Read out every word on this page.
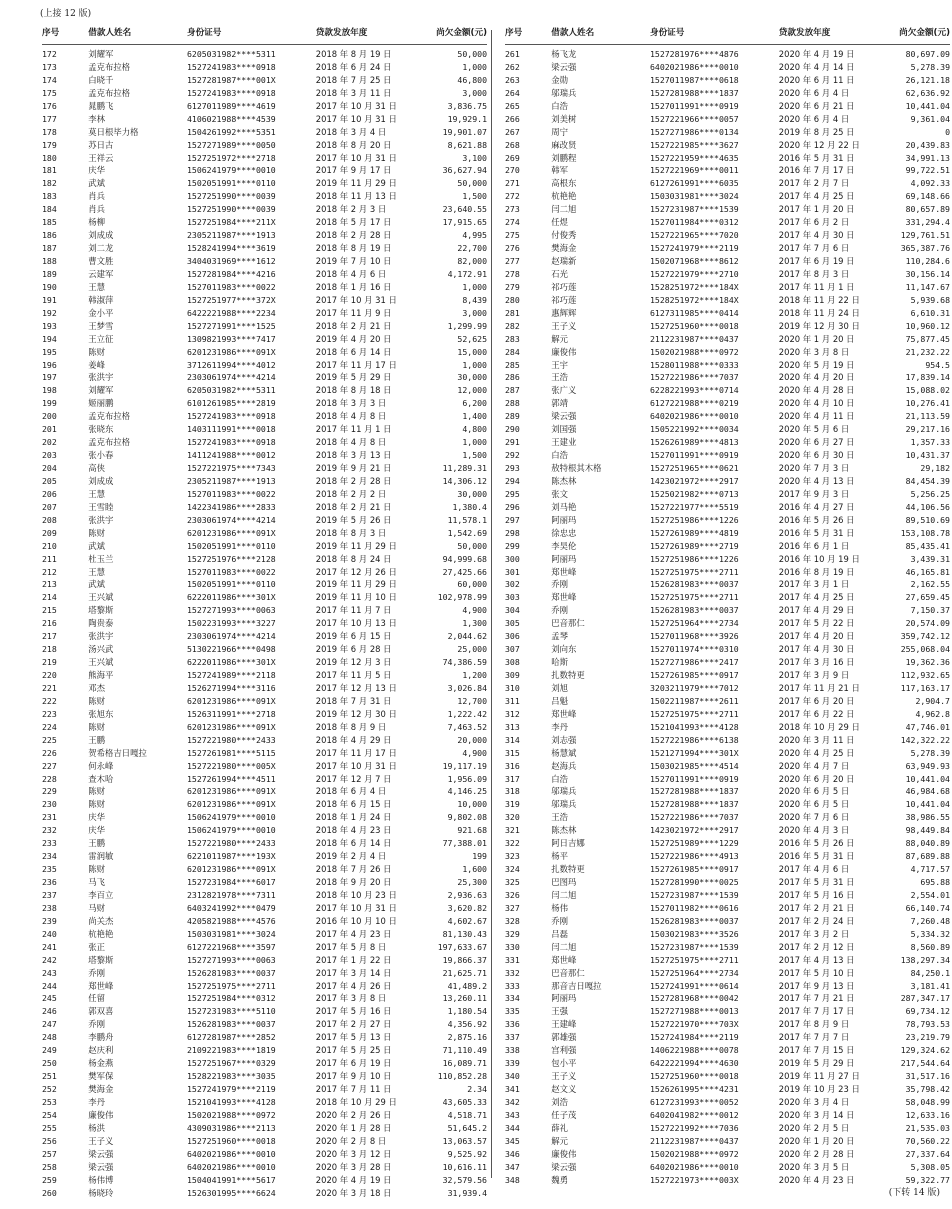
(上接 12 版)
序号	借款人姓名	身份证号	贷款发放年度	尚欠金额(元)
172	刘耀军	6205031982****5311	2018 年 8 月 19 日	50,000
173	孟克布拉格	1527241983****0918	2018 年 6 月 24 日	1,000
174	白晓千	1527281987****001X	2018 年 7 月 25 日	46,800
175	孟克布拉格	1527241983****0918	2018 年 3 月 11 日	3,000
176	晁鹏飞	6127011989****4619	2017 年 10 月 31 日	3,836.75
177	李林	4106021988****4539	2017 年 10 月 31 日	19,929.1
178	莫日根毕力格	1504261992****5351	2018 年 3 月 4 日	19,901.07
179	苏日古	1527271989****0050	2018 年 8 月 20 日	8,621.88
180	王祥云	1527251972****2718	2017 年 10 月 31 日	3,100
181	庆华	1506241979****0010	2017 年 9 月 17 日	36,627.94
182	武斌	1502051991****0110	2019 年 11 月 29 日	50,000
183	肖兵	1527251990****0039	2018 年 11 月 13 日	1,500
184	肖兵	1527251990****0039	2018 年 2 月 3 日	23,640.55
185	杨柳	1527251984****211X	2018 年 5 月 17 日	17,915.65
186	刘成成	2305211987****1913	2018 年 2 月 28 日	4,995
187	刘二龙	1528241994****3619	2018 年 8 月 19 日	22,700
188	曹文胜	3404031969****1612	2019 年 7 月 10 日	82,000
189	云建军	1527281984****4216	2018 年 4 月 6 日	4,172.91
190	王慧	1527011983****0022	2018 年 1 月 16 日	1,000
191	韩淑萍	1527251977****372X	2017 年 10 月 31 日	8,439
192	金小平	6422221988****2234	2017 年 11 月 9 日	3,000
193	王梦雪	1527271991****1525	2018 年 2 月 21 日	1,299.99
194	王立征	1309821993****7417	2019 年 4 月 20 日	52,625
195	陈财	6201231986****091X	2018 年 6 月 14 日	15,000
196	姜峰	3712611994****4012	2017 年 11 月 17 日	1,000
197	张洪宇	2303061974****4214	2019 年 5 月 29 日	30,000
198	刘耀军	6205031982****5311	2018 年 8 月 18 日	12,000
199	姬丽鹏	6101261985****2819	2018 年 3 月 3 日	6,200
200	孟克布拉格	1527241983****0918	2018 年 4 月 8 日	1,400
201	张晓东	1403111991****0018	2017 年 11 月 1 日	4,800
202	孟克布拉格	1527241983****0918	2018 年 4 月 8 日	1,000
203	张小春	1411241988****0012	2018 年 3 月 13 日	1,500
204	高侠	1527221975****7343	2019 年 9 月 21 日	11,289.31
205	刘成成	2305211987****1913	2018 年 2 月 28 日	14,306.12
206	王慧	1527011983****0022	2018 年 2 月 2 日	30,000
207	王雪睦	1422341986****2833	2018 年 2 月 21 日	1,380.4
208	张洪宇	2303061974****4214	2019 年 5 月 26 日	11,578.1
209	陈财	6201231986****091X	2018 年 8 月 3 日	1,542.69
210	武斌	1502051991****0110	2019 年 11 月 29 日	50,000
211	杜玉兰	1527251976****2128	2018 年 8 月 24 日	94,999.68
212	王慧	1527011983****0022	2017 年 12 月 26 日	27,425.66
213	武斌	1502051991****0110	2019 年 11 月 29 日	60,000
214	王兴斌	6222011986****301X	2019 年 11 月 10 日	102,978.99
215	塔黎斯	1527271993****0063	2017 年 11 月 7 日	4,900
216	陶贵泰	1502231993****3227	2017 年 10 月 13 日	1,300
217	张洪宇	2303061974****4214	2019 年 6 月 15 日	2,044.62
218	汤兴武	5130221966****0498	2019 年 6 月 28 日	25,000
219	王兴斌	6222011986****301X	2019 年 12 月 3 日	74,386.59
220	熊海平	1527241989****2118	2017 年 11 月 5 日	1,200
221	邓杰	1526271994****3116	2017 年 12 月 13 日	3,026.84
222	陈财	6201231986****091X	2018 年 7 月 31 日	12,700
223	张旭东	1526311991****2718	2019 年 12 月 30 日	1,222.42
224	陈财	6201231986****091X	2018 年 8 月 9 日	7,463.52
225	王鹏	1527221980****2433	2018 年 4 月 29 日	20,000
226	贺希格吉日嘎拉	1527261981****5115	2017 年 11 月 17 日	4,900
227	何永峰	1527221980****005X	2017 年 10 月 31 日	19,117.19
228	查木哈	1527261994****4511	2017 年 12 月 7 日	1,956.09
229	陈财	6201231986****091X	2018 年 6 月 4 日	4,146.25
230	陈财	6201231986****091X	2018 年 6 月 15 日	10,000
231	庆华	1506241979****0010	2018 年 1 月 24 日	9,802.08
232	庆华	1506241979****0010	2018 年 4 月 23 日	921.68
233	王鹏	1527221980****2433	2018 年 6 月 14 日	77,388.01
234	雷润敏	6221011987****193X	2019 年 2 月 4 日	199
235	陈财	6201231986****091X	2018 年 7 月 26 日	1,600
236	马飞	1527231984****6017	2018 年 9 月 20 日	25,300
237	李百立	2312821978****7311	2018 年 10 月 23 日	2,936.63
238	马财	6403241992****0479	2017 年 10 月 31 日	3,620.82
239	尚关杰	4205821988****4576	2016 年 10 月 10 日	4,602.67
240	杭艳艳	1503031981****3024	2017 年 4 月 23 日	81,130.43
241	张正	6127221968****3597	2017 年 5 月 8 日	197,633.67
242	塔黎斯	1527271993****0063	2017 年 1 月 22 日	19,866.37
243	乔刚	1526281983****0037	2017 年 3 月 14 日	21,625.71
244	郑世峰	1527251975****2711	2017 年 4 月 26 日	41,489.2
245	任留	1527251984****0312	2017 年 3 月 8 日	13,260.11
246	郭双喜	1527231983****5110	2017 年 5 月 16 日	1,180.54
247	乔刚	1526281983****0037	2017 年 2 月 27 日	4,356.92
248	李鹏舟	6127281987****2852	2017 年 5 月 13 日	2,875.16
249	赵庆利	2109221983****1819	2017 年 5 月 25 日	71,110.49
250	杨金燕	1527251967****0329	2017 年 6 月 19 日	16,089.71
251	樊军保	1528221983****3035	2017 年 9 月 10 日	110,852.28
252	樊海金	1527241979****2119	2017 年 7 月 11 日	2.34
253	李丹	1521041993****4128	2018 年 10 月 29 日	43,605.33
254	廉俊伟	1502021988****0972	2020 年 2 月 26 日	4,518.71
255	杨洪	4309031986****2113	2020 年 1 月 28 日	51,645.2
256	王子义	1527251960****0018	2020 年 2 月 8 日	13,063.57
257	梁云强	6402021986****0010	2020 年 3 月 12 日	9,525.92
258	梁云强	6402021986****0010	2020 年 3 月 28 日	10,616.11
259	杨伟博	1504041991****5617	2020 年 4 月 19 日	32,579.56
260	杨晓玲	1526301995****6624	2020 年 3 月 18 日	31,939.4
序号	借款人姓名	身份证号	贷款发放年度	尚欠金额(元)
261	杨飞龙	1527281976****4876	2020 年 4 月 19 日	80,697.09
262	梁云强	6402021986****0010	2020 年 4 月 14 日	5,278.39
263	金勋	1527011987****0618	2020 年 6 月 11 日	26,121.18
264	邬瑞兵	1527281988****1837	2020 年 6 月 4 日	62,636.92
265	白浩	1527011991****0919	2020 年 6 月 21 日	10,441.04
266	刘美树	1527221966****0057	2020 年 6 月 4 日	9,361.04
267	周宁	1527271986****0134	2019 年 8 月 25 日	0
268	麻改贤	1527221985****3627	2020 年 12 月 22 日	20,439.83
269	刘鹏程	1527221959****4635	2016 年 5 月 31 日	34,991.13
270	韩军	1527221969****0011	2016 年 7 月 17 日	99,722.51
271	高根东	6127261991****6035	2017 年 2 月 7 日	4,092.33
272	杭艳艳	1503031981****3024	2017 年 4 月 25 日	69,148.66
273	闫二旭	1527231987****1539	2017 年 1 月 20 日	80,657.89
274	任煜	1527011984****0312	2017 年 6 月 2 日	331,294.4
275	付俊秀	1527221965****7020	2017 年 4 月 30 日	129,761.51
276	樊海金	1527241979****2119	2017 年 7 月 6 日	365,387.76
277	赵瑞新	1502071968****8612	2017 年 6 月 19 日	110,284.6
278	石光	1527221979****2710	2017 年 8 月 3 日	30,156.14
279	祁巧莲	1528251972****184X	2017 年 11 月 1 日	11,147.67
280	祁巧莲	1528251972****184X	2018 年 11 月 22 日	5,939.68
281	惠辉辉	6127311985****0414	2018 年 11 月 24 日	6,610.31
282	王子义	1527251960****0018	2019 年 12 月 30 日	10,960.12
283	解元	2112231987****0437	2020 年 1 月 20 日	75,877.45
284	廉俊伟	1502021988****0972	2020 年 3 月 8 日	21,232.22
285	王宇	1528011988****0333	2020 年 5 月 19 日	954.5
286	王浩	1527221986****7037	2020 年 4 月 20 日	17,839.14
287	张广义	6228221993****0714	2020 年 4 月 28 日	15,088.02
288	郭靖	6127221988****0219	2020 年 4 月 10 日	10,276.41
289	梁云强	6402021986****0010	2020 年 4 月 11 日	21,113.59
290	刘国强	1505221992****0034	2020 年 5 月 6 日	29,217.16
291	王建业	1526261989****4813	2020 年 6 月 27 日	1,357.33
292	白浩	1527011991****0919	2020 年 6 月 30 日	10,431.37
293	敖特根其木格	1527251965****0621	2020 年 7 月 3 日	29,182
294	陈杰林	1423021972****2917	2020 年 4 月 13 日	84,454.39
295	张文	1525021982****0713	2017 年 9 月 3 日	5,256.25
296	刘马艳	1527221977****5519	2016 年 4 月 27 日	44,106.56
297	阿丽玛	1527251986****1226	2016 年 5 月 26 日	89,510.69
298	徐忠忠	1527261989****4819	2016 年 5 月 31 日	153,108.78
299	李昊伦	1527261989****2719	2016 年 6 月 1 日	85,435.41
300	阿丽玛	1527251986****1226	2016 年 10 月 19 日	3,439.31
301	郑世峰	1527251975****2711	2016 年 8 月 19 日	46,165.81
302	乔刚	1526281983****0037	2017 年 3 月 1 日	2,162.55
303	郑世峰	1527251975****2711	2017 年 4 月 25 日	27,659.45
304	乔刚	1526281983****0037	2017 年 4 月 29 日	7,150.37
305	巴音那仁	1527251964****2734	2017 年 5 月 22 日	20,574.09
306	孟琴	1527011968****3926	2017 年 4 月 20 日	359,742.12
307	刘向东	1527011974****0310	2017 年 4 月 30 日	255,068.04
308	哈斯	1527271986****2417	2017 年 3 月 16 日	19,362.36
309	扎数特更	1527261985****0917	2017 年 3 月 9 日	112,932.65
310	刘旭	3203211979****7012	2017 年 11 月 21 日	117,163.17
311	吕魁	1502211987****2611	2017 年 6 月 20 日	2,904.7
312	郑世峰	1527251975****2711	2017 年 6 月 22 日	4,962.8
313	李丹	1521041993****4128	2018 年 10 月 29 日	47,746.01
314	刘志强	1527221986****6138	2020 年 3 月 11 日	142,322.22
315	杨慧斌	1521271994****301X	2020 年 4 月 25 日	5,278.39
316	赵海兵	1503021985****4514	2020 年 4 月 7 日	63,949.93
317	白浩	1527011991****0919	2020 年 6 月 20 日	10,441.04
318	邬瑞兵	1527281988****1837	2020 年 6 月 5 日	46,984.68
319	邬瑞兵	1527281988****1837	2020 年 6 月 5 日	10,441.04
320	王浩	1527221986****7037	2020 年 7 月 6 日	38,986.55
321	陈杰林	1423021972****2917	2020 年 4 月 3 日	98,449.84
322	阿日吉娜	1527251989****1229	2016 年 5 月 26 日	88,040.89
323	杨平	1527221986****4913	2016 年 5 月 31 日	87,689.88
324	扎数特更	1527261985****0917	2017 年 4 月 6 日	4,717.57
325	巴图玛	1527281990****0025	2017 年 5 月 31 日	695.88
326	闫二旭	1527231987****1539	2017 年 5 月 16 日	2,554.01
327	杨伟	1527011982****0616	2017 年 2 月 21 日	66,140.74
328	乔刚	1526281983****0037	2017 年 2 月 24 日	7,260.48
329	吕磊	1503021983****3526	2017 年 3 月 2 日	5,334.32
330	闫二旭	1527231987****1539	2017 年 2 月 12 日	8,560.89
331	郑世峰	1527251975****2711	2017 年 4 月 13 日	138,297.34
332	巴音那仁	1527251964****2734	2017 年 5 月 10 日	84,250.1
333	那音吉日嘎拉	1527241991****0614	2017 年 9 月 13 日	3,181.41
334	阿丽玛	1527281968****0042	2017 年 7 月 21 日	287,347.17
335	王强	1527271988****0013	2017 年 7 月 17 日	69,734.12
336	王建峰	1527221970****703X	2017 年 8 月 9 日	78,793.53
337	郭雄强	1527241984****2119	2017 年 7 月 7 日	23,219.79
338	宫利强	1406221988****0078	2017 年 7 月 15 日	129,324.62
339	包小平	6422221994****4630	2019 年 5 月 29 日	217,544.64
340	王子义	1527251960****0018	2019 年 11 月 27 日	31,517.16
341	赵文义	1526261995****4231	2019 年 10 月 23 日	35,798.42
342	刘浩	6127231993****0052	2020 年 3 月 4 日	58,048.99
343	任子茂	6402041982****0012	2020 年 3 月 14 日	12,633.16
344	薛礼	1527221992****7036	2020 年 2 月 5 日	21,535.03
345	解元	2112231987****0437	2020 年 1 月 20 日	70,560.22
346	廉俊伟	1502021988****0972	2020 年 2 月 28 日	27,337.64
347	梁云强	6402021986****0010	2020 年 3 月 5 日	5,308.05
348	魏勇	1527221973****003X	2020 年 4 月 23 日	59,322.77
(下转 14 版)
